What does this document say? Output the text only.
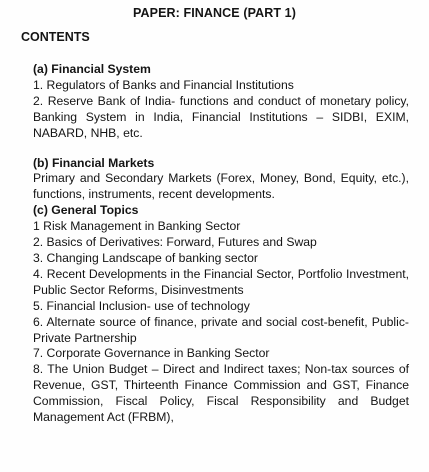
PAPER: FINANCE (PART 1)
CONTENTS
(a) Financial System
1. Regulators of Banks and Financial Institutions
2. Reserve Bank of India- functions and conduct of monetary policy, Banking System in India, Financial Institutions – SIDBI, EXIM, NABARD, NHB, etc.
(b) Financial Markets
Primary and Secondary Markets (Forex, Money, Bond, Equity, etc.), functions, instruments, recent developments.
(c) General Topics
1 Risk Management in Banking Sector
2. Basics of Derivatives: Forward, Futures and Swap
3. Changing Landscape of banking sector
4. Recent Developments in the Financial Sector, Portfolio Investment, Public Sector Reforms, Disinvestments
5. Financial Inclusion- use of technology
6. Alternate source of finance, private and social cost-benefit, Public-Private Partnership
7. Corporate Governance in Banking Sector
8. The Union Budget – Direct and Indirect taxes; Non-tax sources of Revenue, GST, Thirteenth Finance Commission and GST, Finance Commission, Fiscal Policy, Fiscal Responsibility and Budget Management Act (FRBM),
